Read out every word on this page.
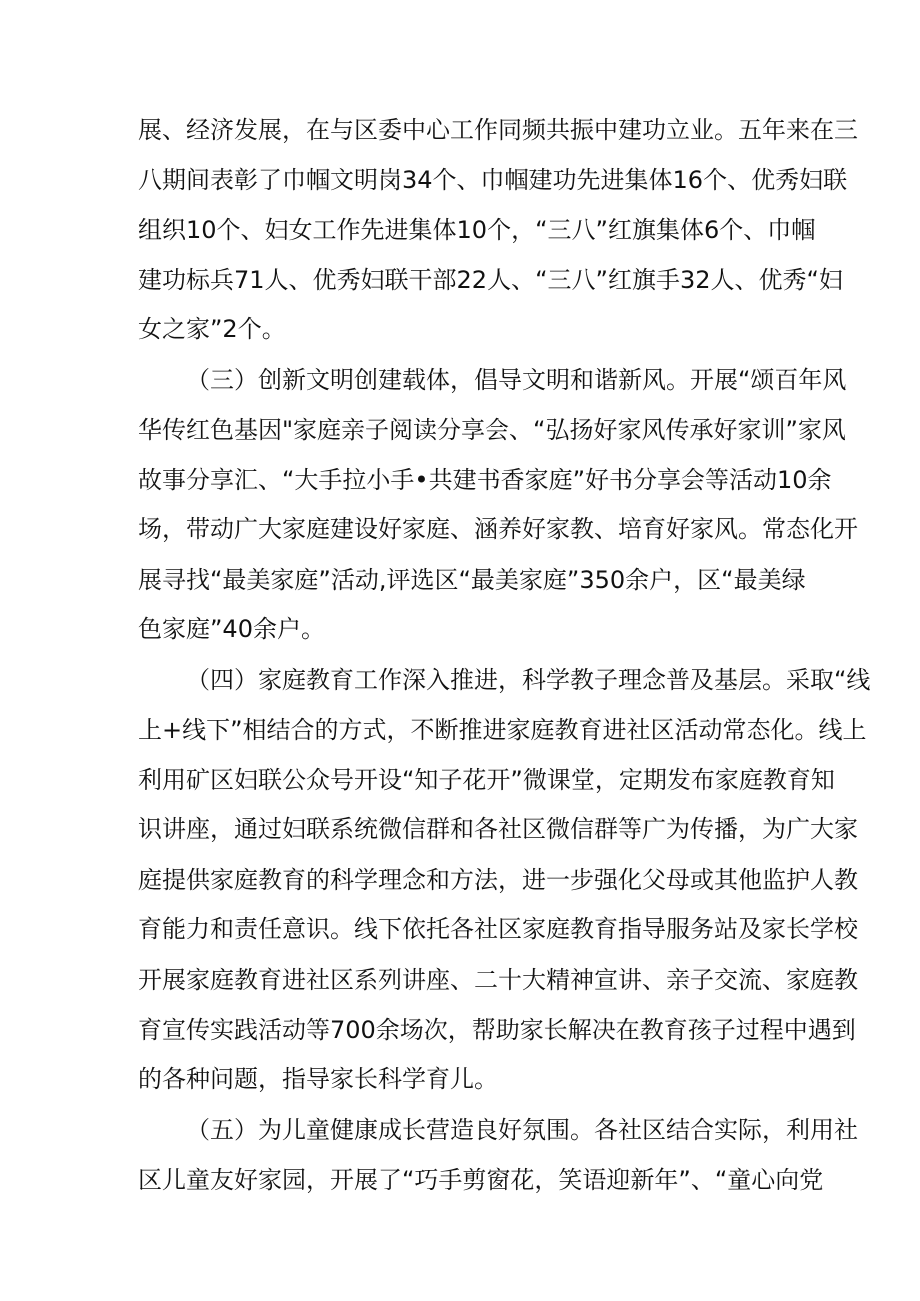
展、经济发展，在与区委中心工作同频共振中建功立业。五年来在三
八期间表彰了巾帼文明岗34个、巾帼建功先进集体16个、优秀妇联
组织10个、妇女工作先进集体10个，“三八”红旗集体6个、巾帼
建功标兵71人、优秀妇联干部22人、“三八”红旗手32人、优秀“妇
女之家”2个。
（三）创新文明创建载体，倡导文明和谐新风。开展“颂百年风
华传红色基因"家庭亲子阅读分享会、“弘扬好家风传承好家训”家风
故事分享汇、“大手拉小手•共建书香家庭”好书分享会等活动10余
场，带动广大家庭建设好家庭、涵养好家教、培育好家风。常态化开
展寻找“最美家庭”活动,评选区“最美家庭”350余户，区“最美绿
色家庭”40余户。
（四）家庭教育工作深入推进，科学教子理念普及基层。采取“线
上+线下”相结合的方式，不断推进家庭教育进社区活动常态化。线上
利用矿区妇联公众号开设“知子花开”微课堂，定期发布家庭教育知
识讲座，通过妇联系统微信群和各社区微信群等广为传播，为广大家
庭提供家庭教育的科学理念和方法，进一步强化父母或其他监护人教
育能力和责任意识。线下依托各社区家庭教育指导服务站及家长学校
开展家庭教育进社区系列讲座、二十大精神宣讲、亲子交流、家庭教
育宣传实践活动等700余场次，帮助家长解决在教育孩子过程中遇到
的各种问题，指导家长科学育儿。
（五）为儿童健康成长营造良好氛围。各社区结合实际，利用社
区儿童友好家园，开展了“巧手剪窗花，笑语迎新年”、“童心向党
